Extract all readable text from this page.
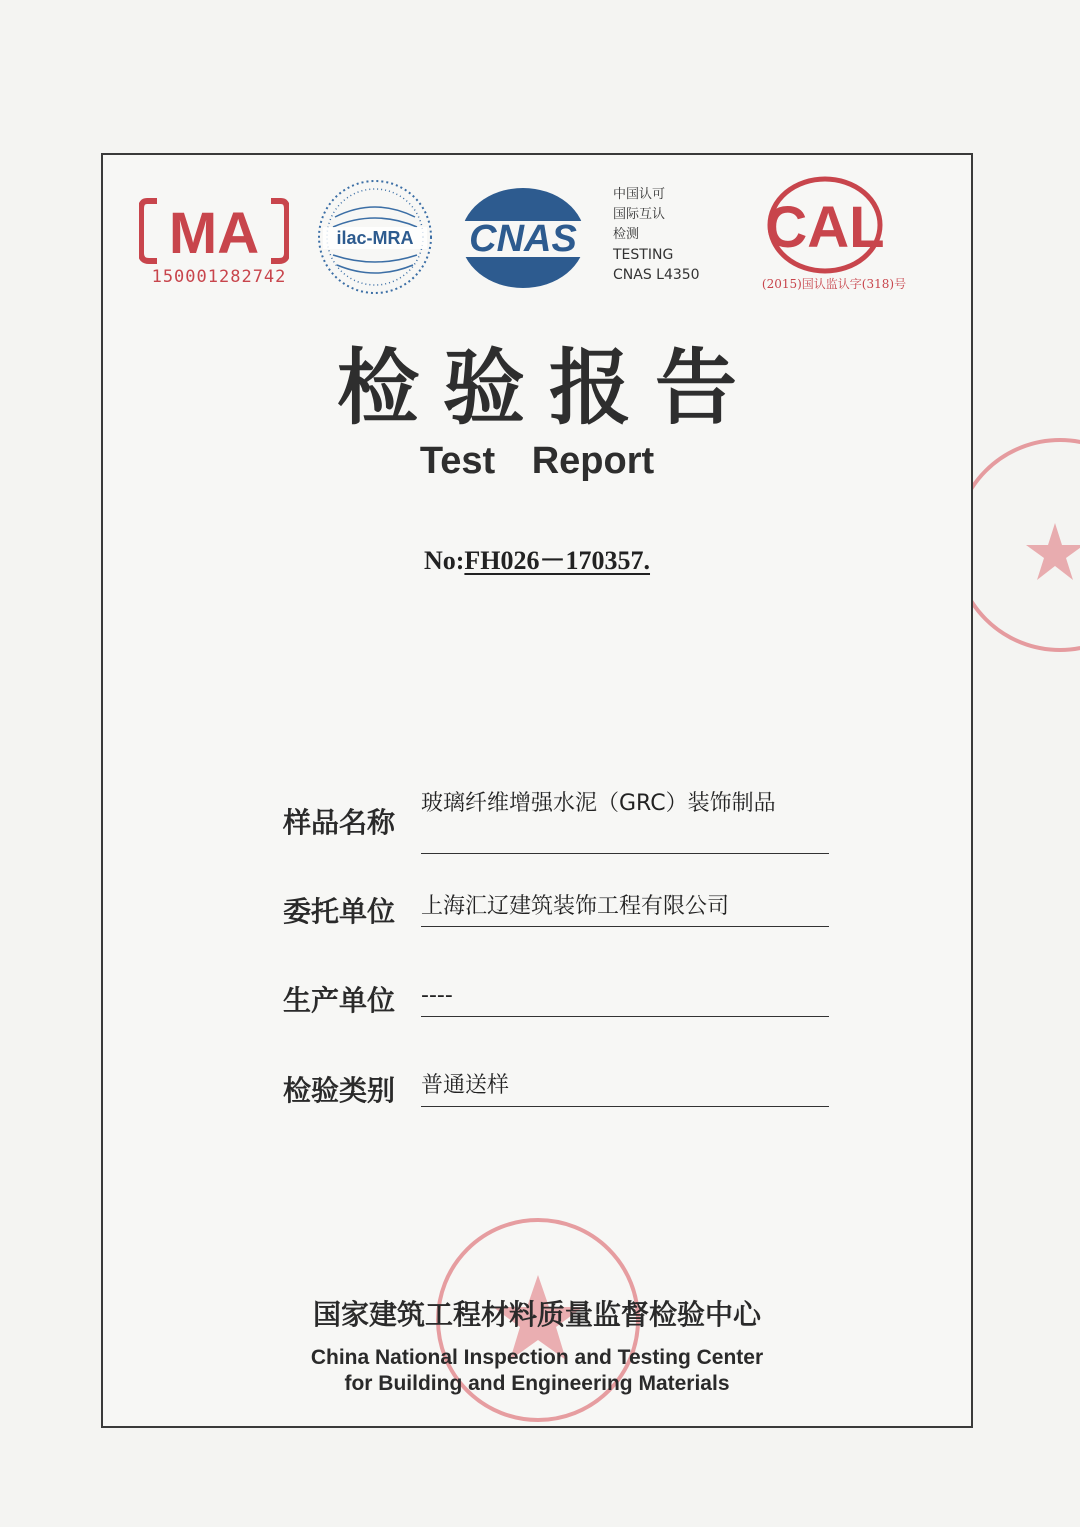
MA
150001282742
ilac-MRA CNAS
中国认可
国际互认
检测
TESTING
CNAS L4350
CAL
(2015)国认监认字(318)号
检验报告
Test Report
No:FH026－170357.
样品名称
玻璃纤维增强水泥（GRC）装饰制品
委托单位 上海汇辽建筑装饰工程有限公司
生产单位 ----
检验类别 普通送样
国家建筑工程材料质量监督检验中心
China National Inspection and Testing Center
for Building and Engineering Materials
